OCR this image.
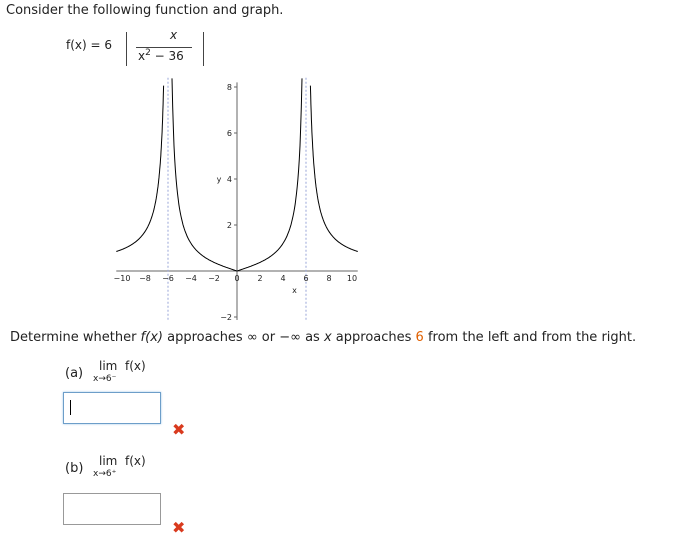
Consider the following function and graph.
f(x) = 6
x
$x^2 - 36$
−10 −8 −6 −4 −2 0 2 4 6 8 10
8
6
4
2
−2
x
y
Determine whether f(x) approaches ∞ or −∞ as x approaches 6 from the left and from the right.
(a) lim f(x)
x→6⁻
✖
(b) lim f(x)
x→6⁺
✖
